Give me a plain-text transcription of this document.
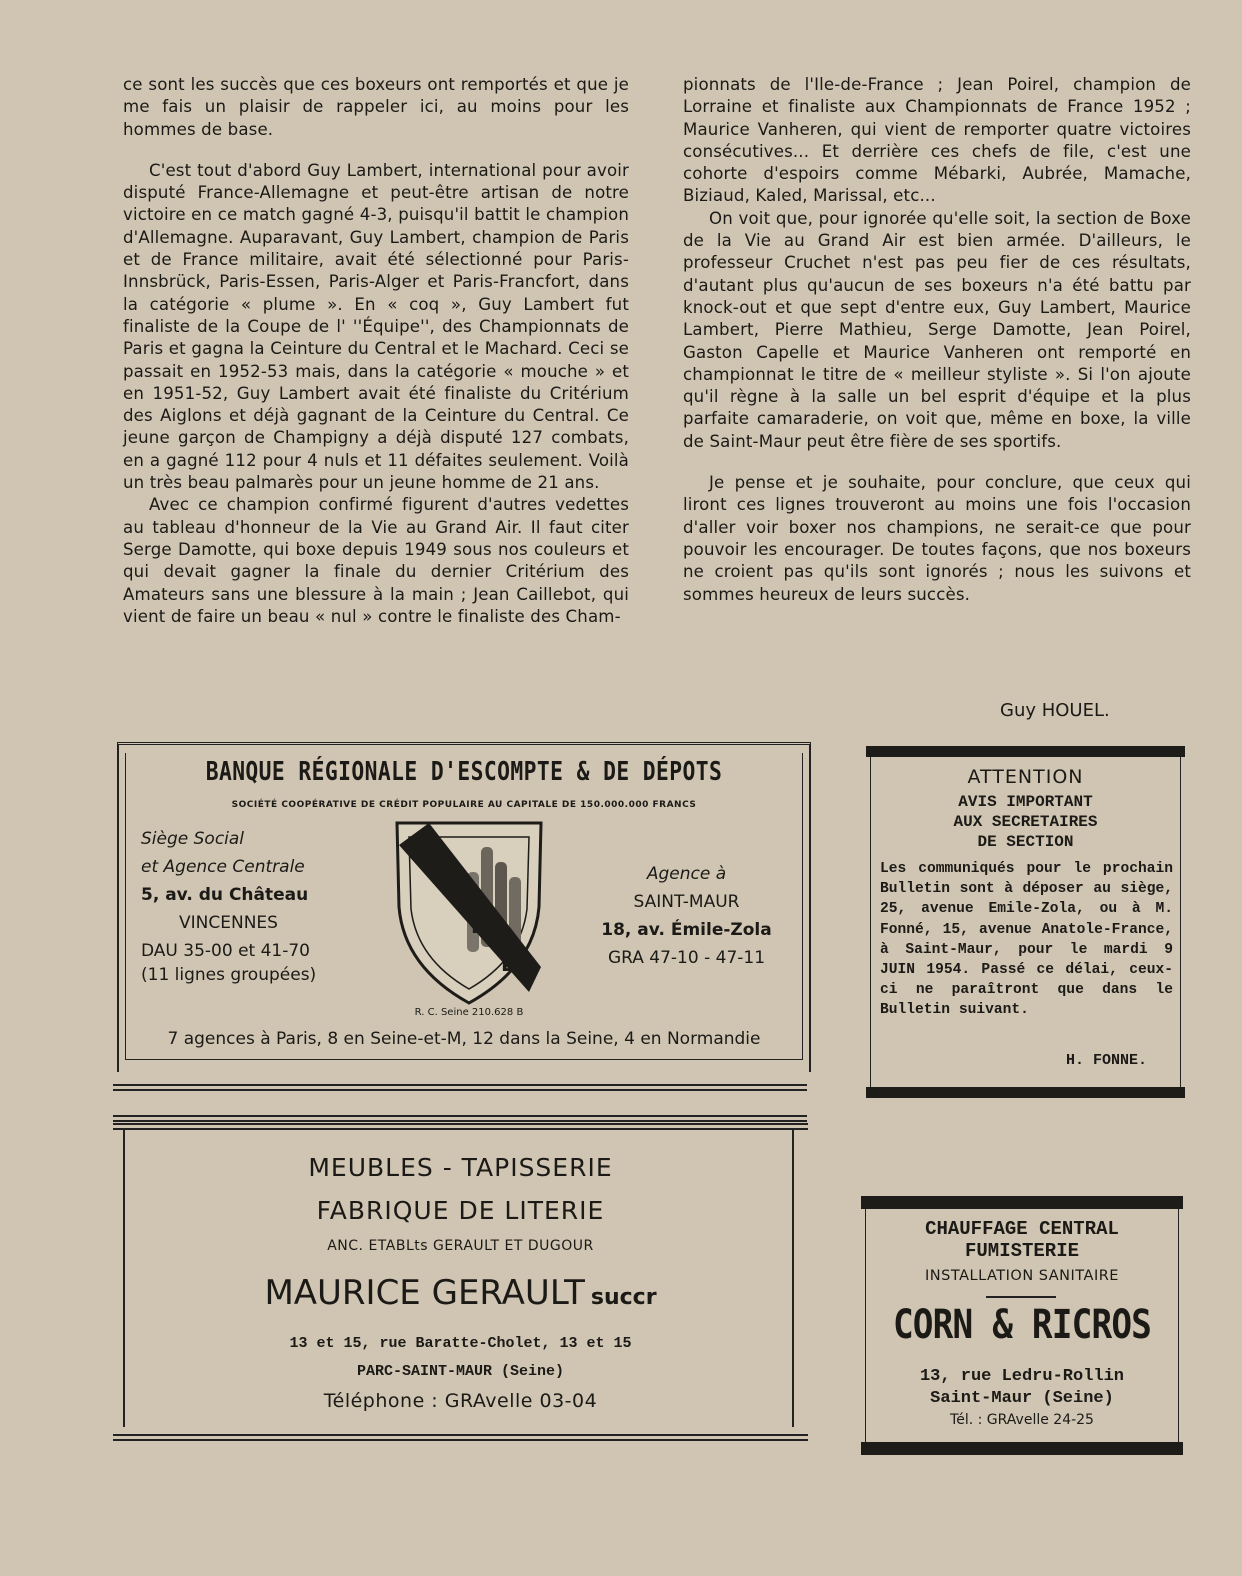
ce sont les succès que ces boxeurs ont remportés et que je me fais un plaisir de rappeler ici, au moins pour les hommes de base.

C'est tout d'abord Guy Lambert, international pour avoir disputé France-Allemagne et peut-être artisan de notre victoire en ce match gagné 4-3, puisqu'il battit le champion d'Allemagne. Auparavant, Guy Lambert, champion de Paris et de France militaire, avait été sélectionné pour Paris-Innsbrück, Paris-Essen, Paris-Alger et Paris-Francfort, dans la catégorie « plume ». En « coq », Guy Lambert fut finaliste de la Coupe de l' ''Équipe'', des Championnats de Paris et gagna la Ceinture du Central et le Machard. Ceci se passait en 1952-53 mais, dans la catégorie « mouche » et en 1951-52, Guy Lambert avait été finaliste du Critérium des Aiglons et déjà gagnant de la Ceinture du Central. Ce jeune garçon de Champigny a déjà disputé 127 combats, en a gagné 112 pour 4 nuls et 11 défaites seulement. Voilà un très beau palmarès pour un jeune homme de 21 ans.

Avec ce champion confirmé figurent d'autres vedettes au tableau d'honneur de la Vie au Grand Air. Il faut citer Serge Damotte, qui boxe depuis 1949 sous nos couleurs et qui devait gagner la finale du dernier Critérium des Amateurs sans une blessure à la main ; Jean Caillebot, qui vient de faire un beau « nul » contre le finaliste des Cham-

pionnats de l'Ile-de-France ; Jean Poirel, champion de Lorraine et finaliste aux Championnats de France 1952 ; Maurice Vanheren, qui vient de remporter quatre victoires consécutives... Et derrière ces chefs de file, c'est une cohorte d'espoirs comme Mébarki, Aubrée, Mamache, Biziaud, Kaled, Marissal, etc...

On voit que, pour ignorée qu'elle soit, la section de Boxe de la Vie au Grand Air est bien armée. D'ailleurs, le professeur Cruchet n'est pas peu fier de ces résultats, d'autant plus qu'aucun de ses boxeurs n'a été battu par knock-out et que sept d'entre eux, Guy Lambert, Maurice Lambert, Pierre Mathieu, Serge Damotte, Jean Poirel, Gaston Capelle et Maurice Vanheren ont remporté en championnat le titre de « meilleur styliste ». Si l'on ajoute qu'il règne à la salle un bel esprit d'équipe et la plus parfaite camaraderie, on voit que, même en boxe, la ville de Saint-Maur peut être fière de ses sportifs.

Je pense et je souhaite, pour conclure, que ceux qui liront ces lignes trouveront au moins une fois l'occasion d'aller voir boxer nos champions, ne serait-ce que pour pouvoir les encourager. De toutes façons, que nos boxeurs ne croient pas qu'ils sont ignorés ; nous les suivons et sommes heureux de leurs succès.

Guy HOUEL.
BANQUE RÉGIONALE D'ESCOMPTE & DE DÉPOTS
SOCIÉTÉ COOPÉRATIVE DE CRÉDIT POPULAIRE AU CAPITALE DE 150.000.000 FRANCS
Siège Social
et Agence Centrale
5, av. du Château
VINCENNES
DAU 35-00 et 41-70
(11 lignes groupées)
B
R
E
D
R. C. Seine 210.628 B
Agence à
SAINT-MAUR
18, av. Émile-Zola
GRA 47-10 - 47-11
7 agences à Paris, 8 en Seine-et-M, 12 dans la Seine, 4 en Normandie
ATTENTION
AVIS IMPORTANT
AUX SECRETAIRES
DE SECTION
Les communiqués pour le prochain Bulletin sont à déposer au siège, 25, avenue Emile-Zola, ou à M. Fonné, 15, avenue Anatole-France, à Saint-Maur, pour le mardi 9 JUIN 1954. Passé ce délai, ceux-ci ne paraîtront que dans le Bulletin suivant.
H. FONNE.
MEUBLES - TAPISSERIE
FABRIQUE DE LITERIE
ANC. ETABLts GERAULT ET DUGOUR
MAURICE GERAULT succr
13 et 15, rue Baratte-Cholet, 13 et 15
PARC-SAINT-MAUR (Seine)
Téléphone : GRAvelle 03-04
CHAUFFAGE CENTRAL
FUMISTERIE
INSTALLATION SANITAIRE
CORN & RICROS
13, rue Ledru-Rollin
Saint-Maur (Seine)
Tél. : GRAvelle 24-25
